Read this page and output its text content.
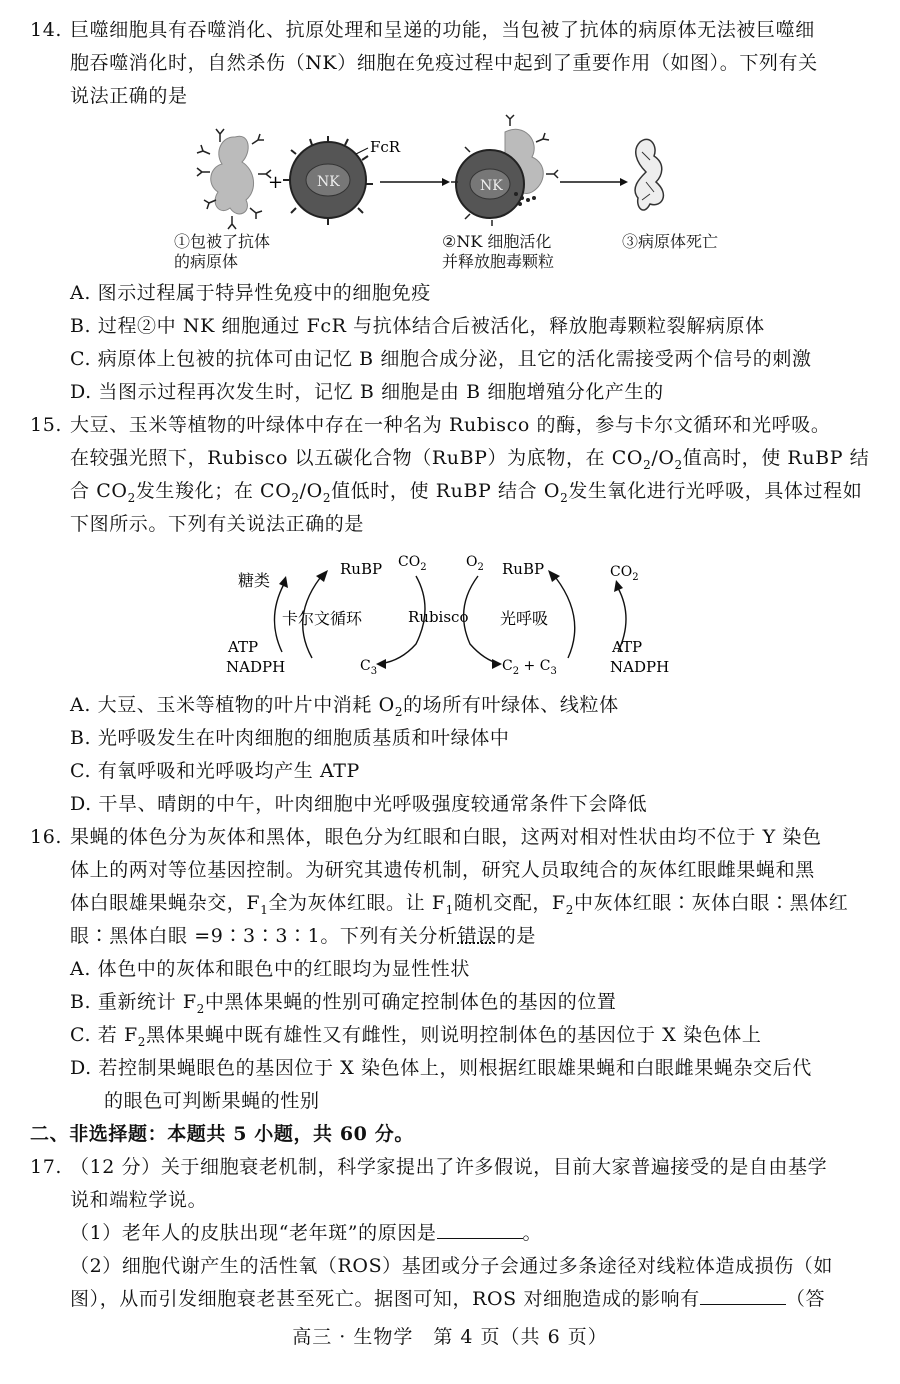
14. 巨噬细胞具有吞噬消化、抗原处理和呈递的功能，当包被了抗体的病原体无法被巨噬细
胞吞噬消化时，自然杀伤（NK）细胞在免疫过程中起到了重要作用（如图）。下列有关
说法正确的是
+ NK
FcR
NK
①包被了抗体
的病原体
②NK 细胞活化
并释放胞毒颗粒
③病原体死亡
A. 图示过程属于特异性免疫中的细胞免疫
B. 过程②中 NK 细胞通过 FcR 与抗体结合后被活化，释放胞毒颗粒裂解病原体
C. 病原体上包被的抗体可由记忆 B 细胞合成分泌，且它的活化需接受两个信号的刺激
D. 当图示过程再次发生时，记忆 B 细胞是由 B 细胞增殖分化产生的
15. 大豆、玉米等植物的叶绿体中存在一种名为 Rubisco 的酶，参与卡尔文循环和光呼吸。
在较强光照下，Rubisco 以五碳化合物（RuBP）为底物，在 $CO_2/O_2$值高时，使 RuBP 结
合 $CO_2$发生羧化；在 $CO_2/O_2$值低时，使 RuBP 结合 $O_2$发生氧化进行光呼吸，具体过程如
下图所示。下列有关说法正确的是
糖类
ATP
NADPH
RuBP $CO_2$
卡尔文循环	Rubisco 光呼吸
$O_2$ RuBP	$CO_2$
ATP
NADPH
$C_3$	$C_2 + C_3$
A. 大豆、玉米等植物的叶片中消耗 $O_2$的场所有叶绿体、线粒体
B. 光呼吸发生在叶肉细胞的细胞质基质和叶绿体中
C. 有氧呼吸和光呼吸均产生 ATP
D. 干旱、晴朗的中午，叶肉细胞中光呼吸强度较通常条件下会降低
16. 果蝇的体色分为灰体和黑体，眼色分为红眼和白眼，这两对相对性状由均不位于 Y 染色
体上的两对等位基因控制。为研究其遗传机制，研究人员取纯合的灰体红眼雌果蝇和黑
体白眼雄果蝇杂交，$F_1$全为灰体红眼。让 $F_1$随机交配，$F_2$中灰体红眼∶灰体白眼∶黑体红
眼∶黑体白眼 =9∶3∶3∶1。下列有关分析错误的是
A. 体色中的灰体和眼色中的红眼均为显性性状
B. 重新统计 $F_2$中黑体果蝇的性别可确定控制体色的基因的位置
C. 若 $F_2$黑体果蝇中既有雄性又有雌性，则说明控制体色的基因位于 X 染色体上
D. 若控制果蝇眼色的基因位于 X 染色体上，则根据红眼雄果蝇和白眼雌果蝇杂交后代
的眼色可判断果蝇的性别
二、非选择题：本题共 5 小题，共 60 分。
17. （12 分）关于细胞衰老机制，科学家提出了许多假说，目前大家普遍接受的是自由基学
说和端粒学说。
（1）老年人的皮肤出现“老年斑”的原因是	。
（2）细胞代谢产生的活性氧（ROS）基团或分子会通过多条途径对线粒体造成损伤（如
图），从而引发细胞衰老甚至死亡。据图可知，ROS 对细胞造成的影响有	（答
高三 · 生物学　第 4 页（共 6 页）
